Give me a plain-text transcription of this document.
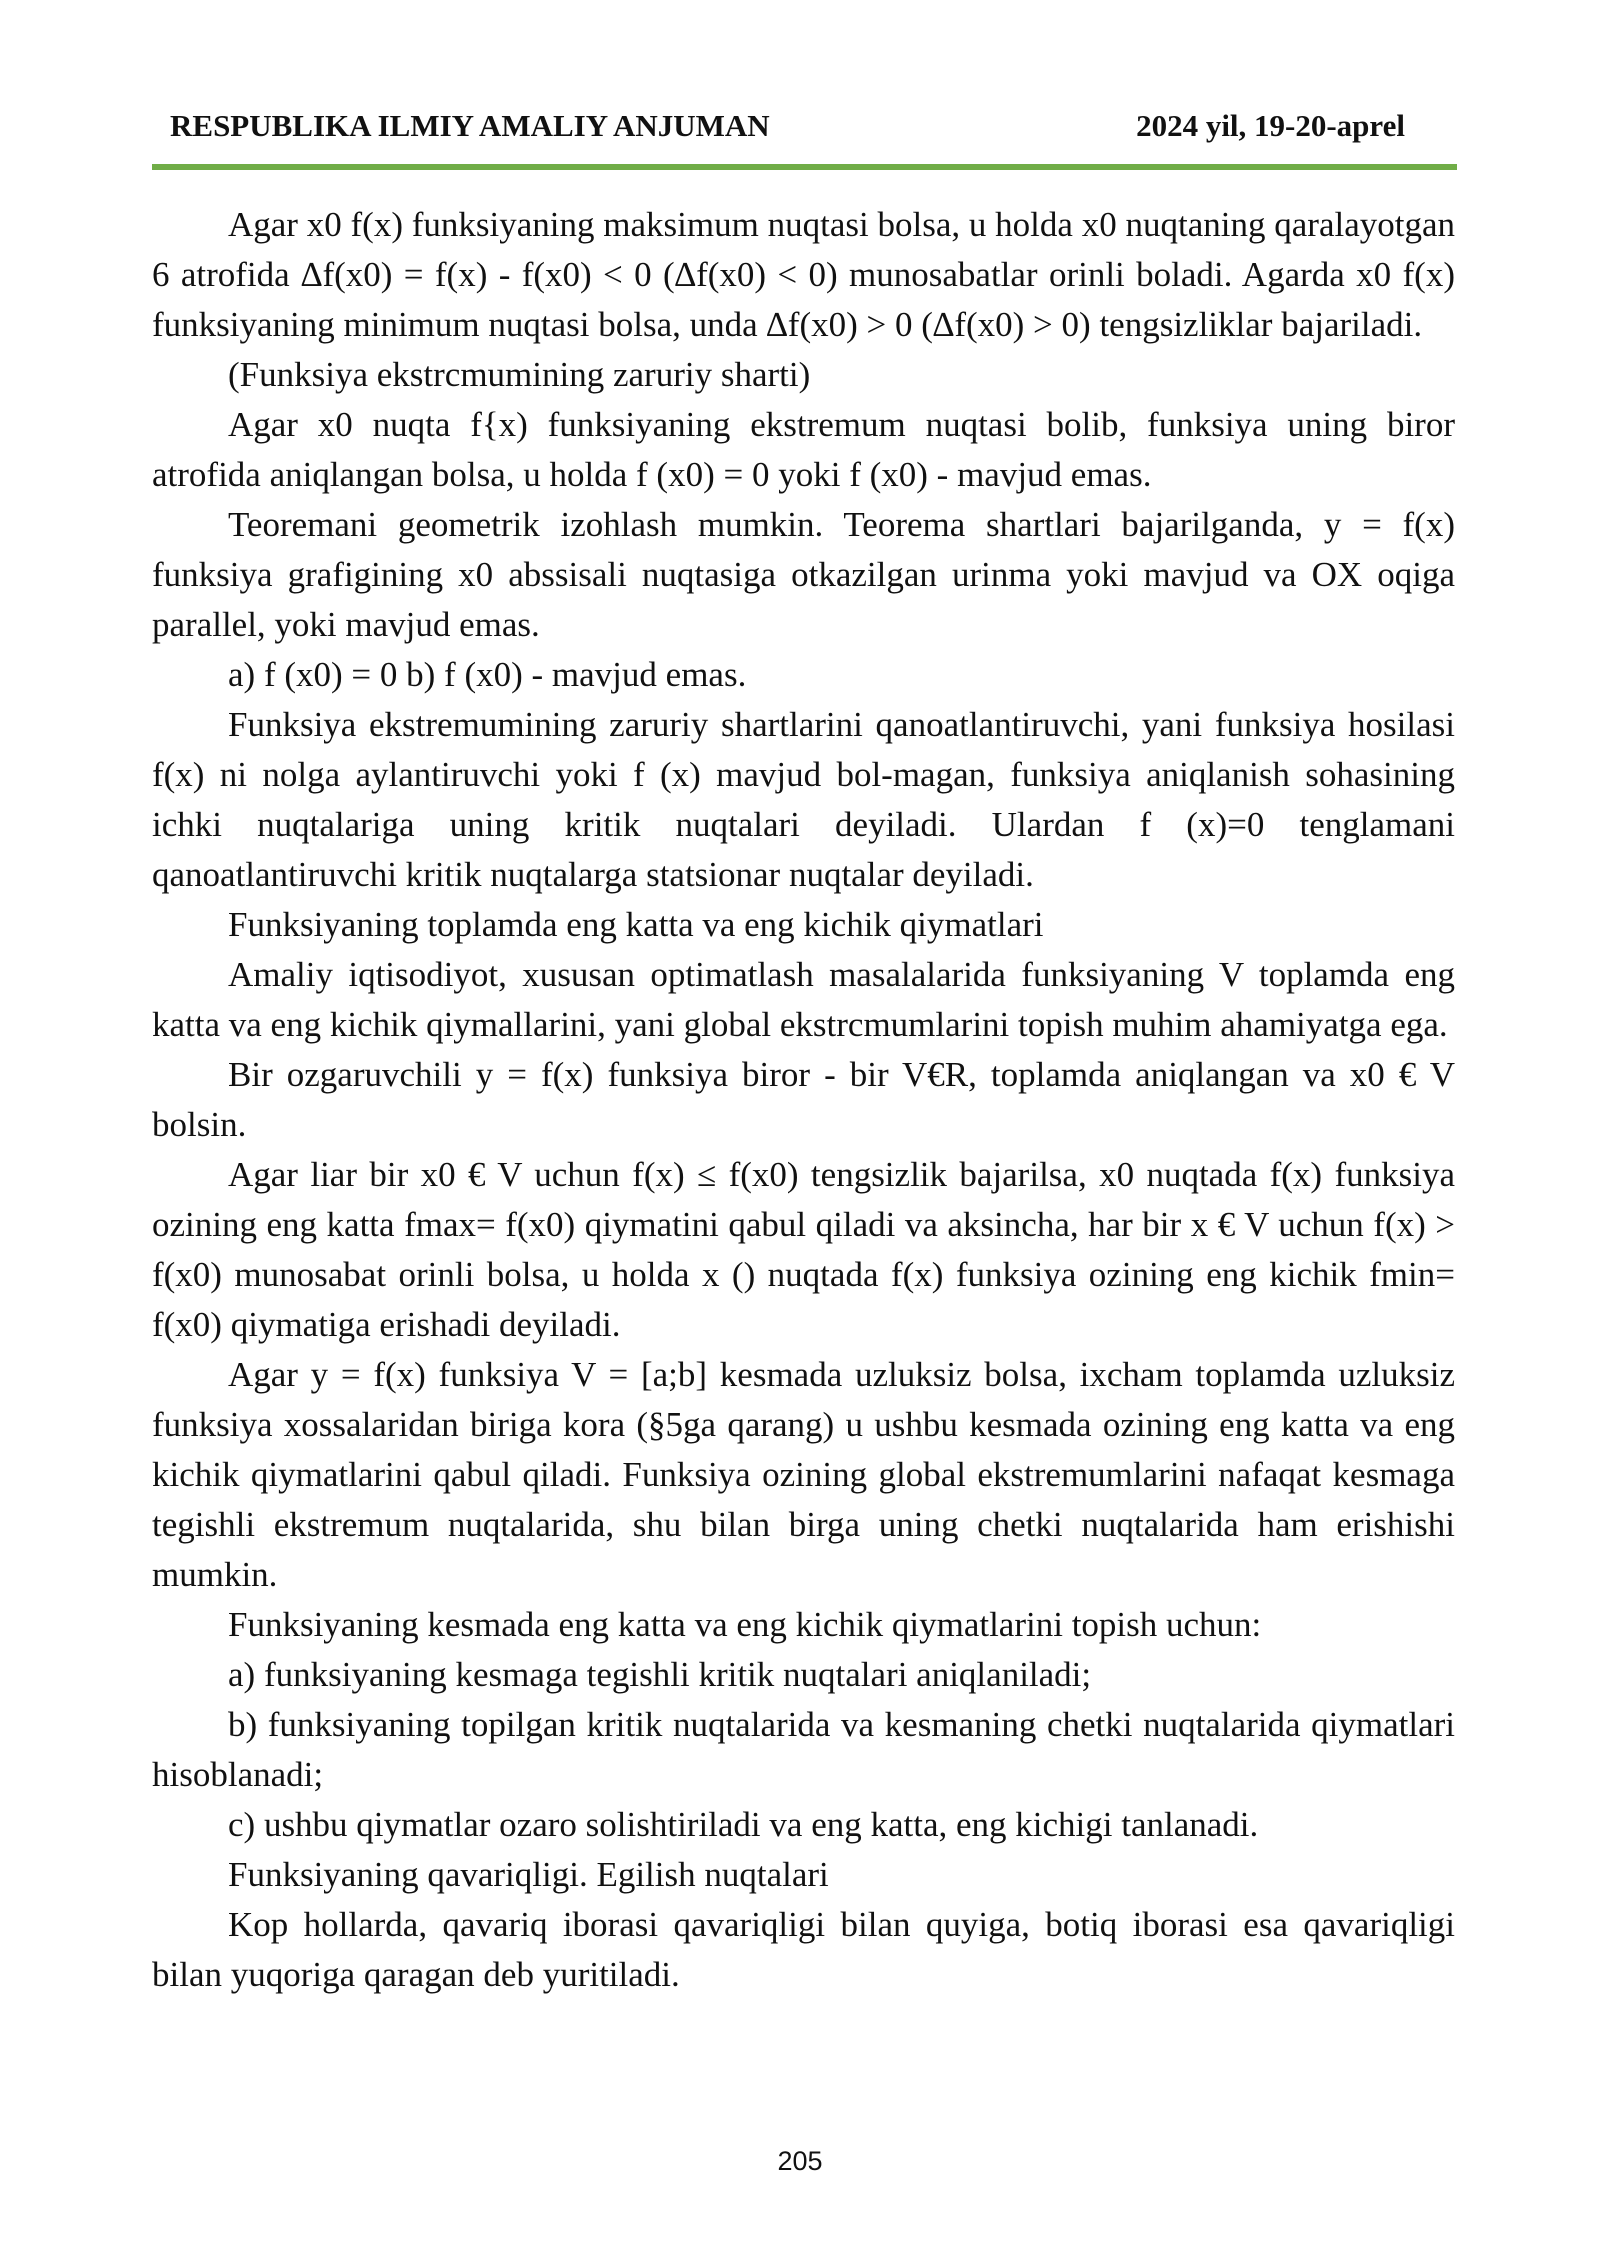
RESPUBLIKA ILMIY AMALIY ANJUMAN	2024 yil, 19-20-aprel

Agar x0 f(x) funksiyaning maksimum nuqtasi bolsa, u holda x0 nuqtaning qaralayotgan 6 atrofida ∆f(x0) = f(x) - f(x0) < 0 (∆f(x0) < 0) munosabatlar orinli boladi. Agarda x0 f(x) funksiyaning minimum nuqtasi bolsa, unda ∆f(x0) > 0 (∆f(x0) > 0) tengsizliklar bajariladi.

(Funksiya ekstrcmumining zaruriy sharti)

Agar x0 nuqta f{x) funksiyaning ekstremum nuqtasi bolib, funksiya uning biror atrofida aniqlangan bolsa, u holda f (x0) = 0 yoki f (x0) - mavjud emas.

Teoremani geometrik izohlash mumkin. Teorema shartlari bajarilganda, y = f(x) funksiya grafigining x0 abssisali nuqtasiga otkazilgan urinma yoki mavjud va OX oqiga parallel, yoki mavjud emas.

a) f (x0) = 0 b) f (x0) - mavjud emas.

Funksiya ekstremumining zaruriy shartlarini qanoatlantiruvchi, yani funksiya hosilasi f(x) ni nolga aylantiruvchi yoki f (x) mavjud bol-magan, funksiya aniqlanish sohasining ichki nuqtalariga uning kritik nuqtalari deyiladi. Ulardan f (x)=0 tenglamani qanoatlantiruvchi kritik nuqtalarga statsionar nuqtalar deyiladi.

Funksiyaning toplamda eng katta va eng kichik qiymatlari

Amaliy iqtisodiyot, xususan optimatlash masalalarida funksiyaning V toplamda eng katta va eng kichik qiymallarini, yani global ekstrcmumlarini topish muhim ahamiyatga ega.

Bir ozgaruvchili y = f(x) funksiya biror - bir V€R, toplamda aniqlangan va x0 € V bolsin.

Agar liar bir x0 € V uchun f(x) ≤ f(x0) tengsizlik bajarilsa, x0 nuqtada f(x) funksiya ozining eng katta fmax= f(x0) qiymatini qabul qiladi va aksincha, har bir x € V uchun f(x) > f(x0) munosabat orinli bolsa, u holda x () nuqtada f(x) funksiya ozining eng kichik fmin= f(x0) qiymatiga erishadi deyiladi.

Agar y = f(x) funksiya V = [a;b] kesmada uzluksiz bolsa, ixcham toplamda uzluksiz funksiya xossalaridan biriga kora (§5ga qarang) u ushbu kesmada ozining eng katta va eng kichik qiymatlarini qabul qiladi. Funksiya ozining global ekstremumlarini nafaqat kesmaga tegishli ekstremum nuqtalarida, shu bilan birga uning chetki nuqtalarida ham erishishi mumkin.

Funksiyaning kesmada eng katta va eng kichik qiymatlarini topish uchun:

a) funksiyaning kesmaga tegishli kritik nuqtalari aniqlaniladi;

b) funksiyaning topilgan kritik nuqtalarida va kesmaning chetki nuqtalarida qiymatlari hisoblanadi;

c) ushbu qiymatlar ozaro solishtiriladi va eng katta, eng kichigi tanlanadi.

Funksiyaning qavariqligi. Egilish nuqtalari

Kop hollarda, qavariq iborasi qavariqligi bilan quyiga, botiq iborasi esa qavariqligi bilan yuqoriga qaragan deb yuritiladi.

205
